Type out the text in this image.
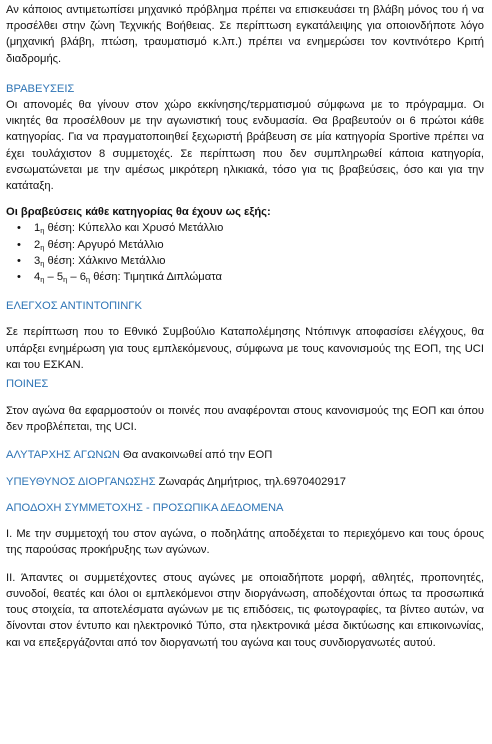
Αν κάποιος αντιμετωπίσει μηχανικό πρόβλημα πρέπει να επισκευάσει τη βλάβη μόνος του ή να προσέλθει στην ζώνη Τεχνικής Βοήθειας. Σε περίπτωση εγκατάλειψης για οποιονδήποτε λόγο (μηχανική βλάβη, πτώση, τραυματισμό κ.λπ.) πρέπει να ενημερώσει τον κοντινότερο Κριτή διαδρομής.

ΒΡΑΒΕΥΣΕΙΣ

Οι απονομές θα γίνουν στον χώρο εκκίνησης/τερματισμού σύμφωνα με το πρόγραμμα. Οι νικητές θα προσέλθουν με την αγωνιστική τους ενδυμασία. Θα βραβευτούν οι 6 πρώτοι κάθε κατηγορίας. Για να πραγματοποιηθεί ξεχωριστή βράβευση σε μία κατηγορία Sportive πρέπει να έχει τουλάχιστον 8 συμμετοχές. Σε περίπτωση που δεν συμπληρωθεί κάποια κατηγορία, ενσωματώνεται με την αμέσως μικρότερη ηλικιακά, τόσο για τις βραβεύσεις, όσο και για την κατάταξη.

Οι βραβεύσεις κάθε κατηγορίας θα έχουν ως εξής:

• $1_\eta$ θέση: Κύπελλο και Χρυσό Μετάλλιο
• $2_\eta$ θέση: Αργυρό Μετάλλιο
• $3_\eta$ θέση: Χάλκινο Μετάλλιο
• $4_\eta - 5_\eta - 6_\eta$ θέση: Τιμητικά Διπλώματα
ΕΛΕΓΧΟΣ ΑΝΤΙΝΤΟΠΙΝΓΚ

Σε περίπτωση που το Εθνικό Συμβούλιο Καταπολέμησης Ντόπινγκ αποφασίσει ελέγχους, θα υπάρξει ενημέρωση για τους εμπλεκόμενους, σύμφωνα με τους κανονισμούς της ΕΟΠ, της UCI και του ΕΣΚΑΝ.

ΠΟΙΝΕΣ

Στον αγώνα θα εφαρμοστούν οι ποινές που αναφέρονται στους κανονισμούς της ΕΟΠ και όπου δεν προβλέπεται, της UCI.

ΑΛΥΤΑΡΧΗΣ ΑΓΩΝΩΝ Θα ανακοινωθεί από την ΕΟΠ

ΥΠΕΥΘΥΝΟΣ ΔΙΟΡΓΑΝΩΣΗΣ Ζωναράς Δημήτριος, τηλ.6970402917

ΑΠΟΔΟΧΗ ΣΥΜΜΕΤΟΧΗΣ - ΠΡΟΣΩΠΙΚΑ ΔΕΔΟΜΕΝΑ

Ι. Με την συμμετοχή του στον αγώνα, ο ποδηλάτης αποδέχεται το περιεχόμενο και τους όρους της παρούσας προκήρυξης των αγώνων.

ΙΙ. Άπαντες οι συμμετέχοντες στους αγώνες με οποιαδήποτε μορφή, αθλητές, προπονητές, συνοδοί, θεατές και όλοι οι εμπλεκόμενοι στην διοργάνωση, αποδέχονται όπως τα προσωπικά τους στοιχεία, τα αποτελέσματα αγώνων με τις επιδόσεις, τις φωτογραφίες, τα βίντεο αυτών, να δίνονται στον έντυπο και ηλεκτρονικό Τύπο, στα ηλεκτρονικά μέσα δικτύωσης και επικοινωνίας, και να επεξεργάζονται από τον διοργανωτή του αγώνα και τους συνδιοργανωτές αυτού.
